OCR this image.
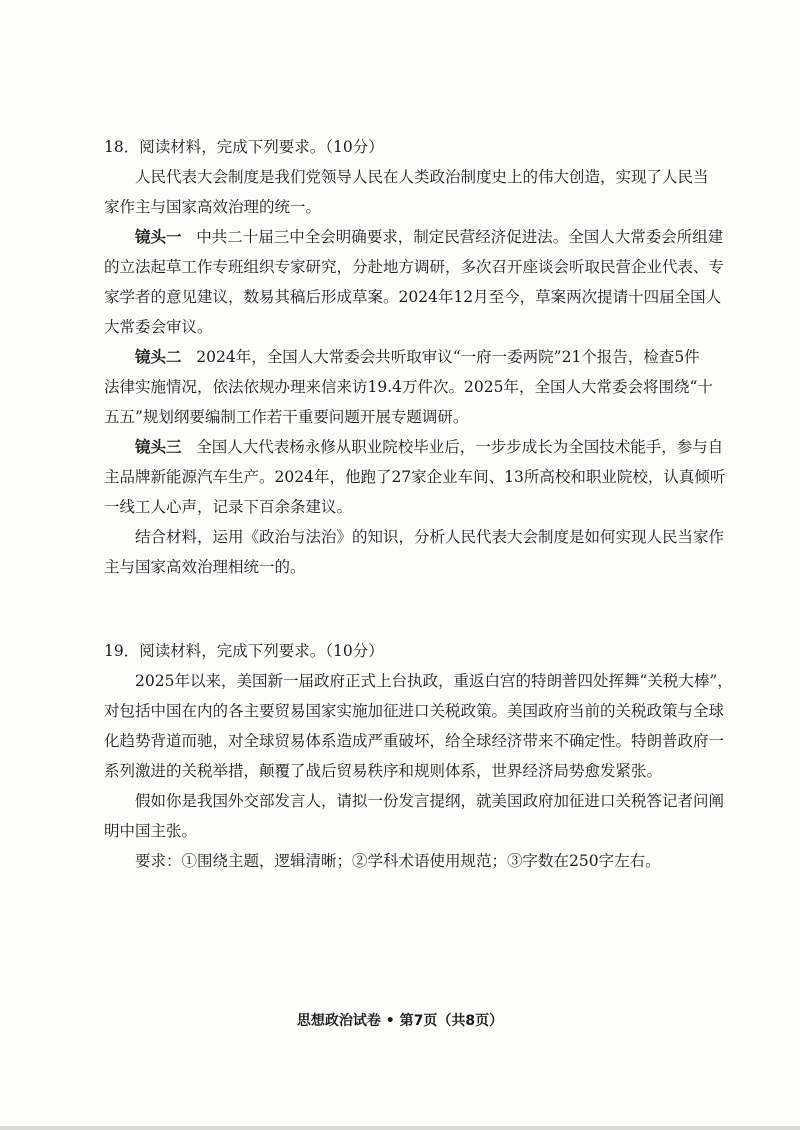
18．阅读材料，完成下列要求。（10分）
人民代表大会制度是我们党领导人民在人类政治制度史上的伟大创造，实现了人民当
家作主与国家高效治理的统一。
镜头一 中共二十届三中全会明确要求，制定民营经济促进法。全国人大常委会所组建
的立法起草工作专班组织专家研究，分赴地方调研，多次召开座谈会听取民营企业代表、专
家学者的意见建议，数易其稿后形成草案。2024年12月至今，草案两次提请十四届全国人
大常委会审议。
镜头二 2024年，全国人大常委会共听取审议“一府一委两院”21个报告，检查5件
法律实施情况，依法依规办理来信来访19.4万件次。2025年，全国人大常委会将围绕“十
五五”规划纲要编制工作若干重要问题开展专题调研。
镜头三 全国人大代表杨永修从职业院校毕业后，一步步成长为全国技术能手，参与自
主品牌新能源汽车生产。2024年，他跑了27家企业车间、13所高校和职业院校，认真倾听
一线工人心声，记录下百余条建议。
结合材料，运用《政治与法治》的知识，分析人民代表大会制度是如何实现人民当家作
主与国家高效治理相统一的。
19．阅读材料，完成下列要求。（10分）
2025年以来，美国新一届政府正式上台执政，重返白宫的特朗普四处挥舞“关税大棒”，
对包括中国在内的各主要贸易国家实施加征进口关税政策。美国政府当前的关税政策与全球
化趋势背道而驰，对全球贸易体系造成严重破坏，给全球经济带来不确定性。特朗普政府一
系列激进的关税举措，颠覆了战后贸易秩序和规则体系，世界经济局势愈发紧张。
假如你是我国外交部发言人，请拟一份发言提纲，就美国政府加征进口关税答记者问阐
明中国主张。
要求：①围绕主题，逻辑清晰；②学科术语使用规范；③字数在250字左右。
思想政治试卷 • 第7页（共8页）
